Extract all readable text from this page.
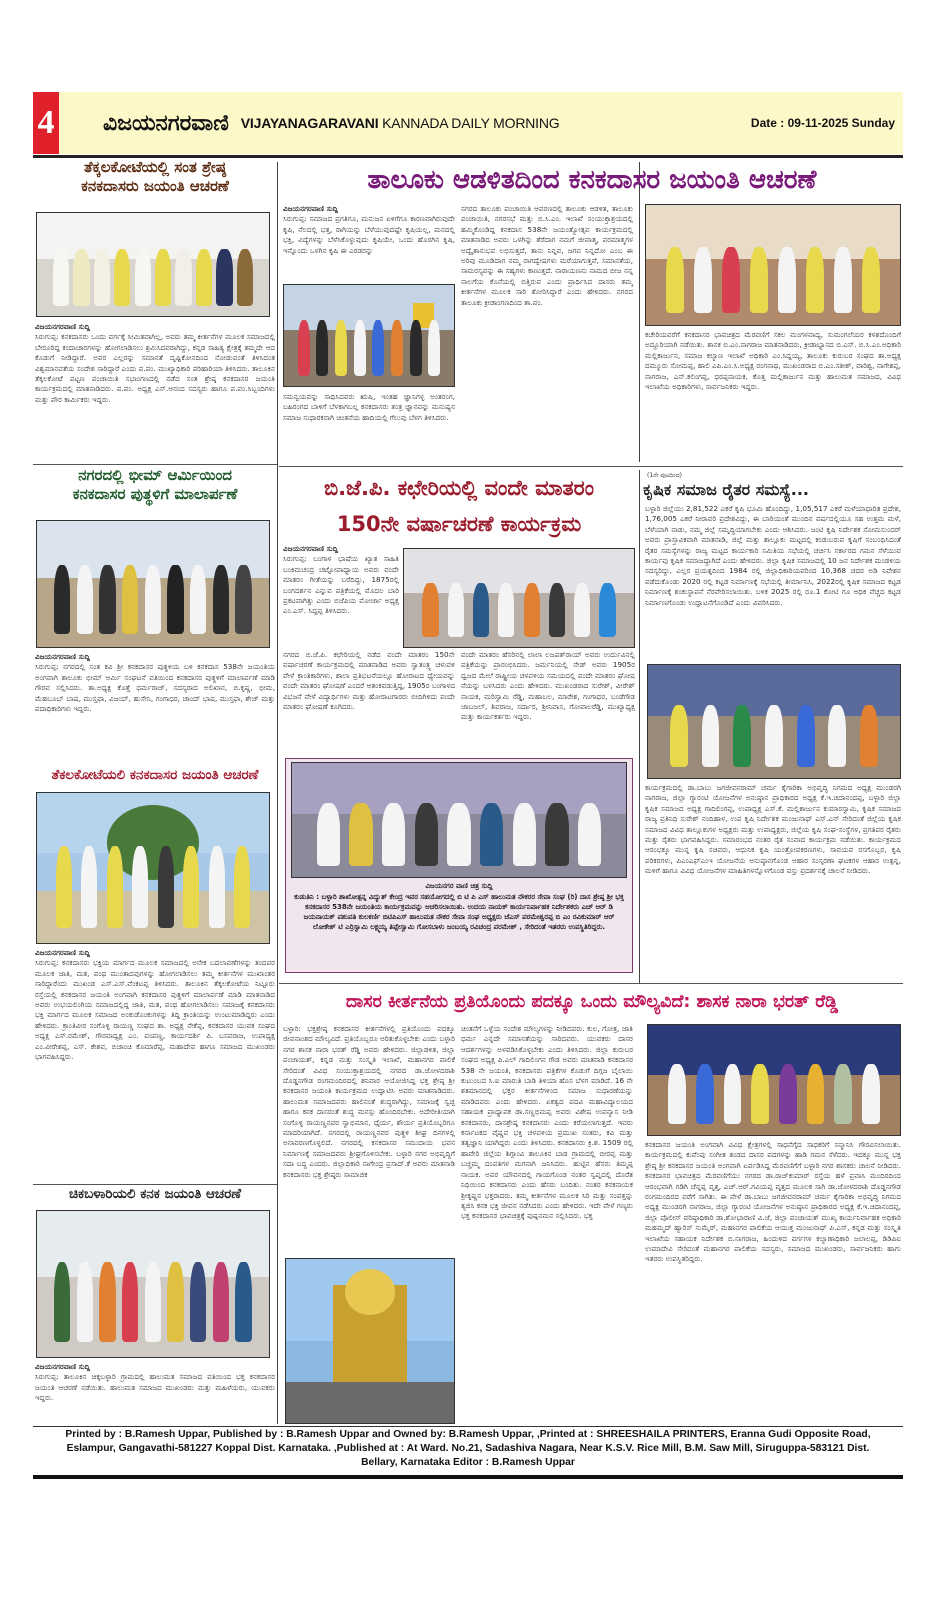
4 ವಿಜಯನಗರವಾಣಿ VIJAYANAGARAVANI KANNADA DAILY MORNING	Date : 09-11-2025 Sunday
ತೆಕ್ಕಲಕೋಟೆಯಲ್ಲಿ ಸಂತ ಶ್ರೇಷ್ಠ
ಕನಕದಾಸರು ಜಯಂತಿ ಆಚರಣೆ
ವಿಜಯನಗರವಾಣಿ ಸುದ್ದಿ
ಸಿರುಗುಪ್ಪ: ಕನಕದಾಸರು ಒಂದು ವರ್ಗಕ್ಕೆ ಸೀಮಿತವಾಗಿಲ್ಲ, ಅವರು ತಮ್ಮ ಕೀರ್ತನೆಗಳ ಮೂಲಕ ಸಮಾಜದಲ್ಲಿ ಬೇರೂರಿದ್ದ ಕಂದಾಚಾರಗಳನ್ನು ಹೋಗಲಾಡಿಸಲು ಶ್ರಮಿಸಿದವರಾಗಿದ್ದು, ಕನ್ನಡ ಸಾಹಿತ್ಯ ಕ್ಷೇತ್ರಕ್ಕೆ ತಮ್ಮದೇ ಆದ ಕೊಡುಗೆ ನೀಡಿದ್ದಾರೆ. ಅವರ ಎಲ್ಲರನ್ನು ಸಮಾನತೆ ದೃಷ್ಟಿಕೋನದಿಂದ ನೋಡುವಂತೆ ತಿಳಿಸಿದಂತ ವಿಶ್ವಮಾನವತೆಯ ಸಂದೇಶ ಸಾರಿದ್ದಾರೆ ಎಂದು ಪ.ಪಂ. ಮುಖ್ಯಾಧಿಕಾರಿ ಪರಿಹಾರಿಯಾ ತಿಳಿಸಿದರು. ತಾಲೂಕಿನ ತೆಕ್ಕಲಕೋಟೆ ಪಟ್ಟಣ ಪಂಚಾಯಿತಿ ಸಭಾಂಗಣದಲ್ಲಿ ನಡೆದ ಸಂತ ಶ್ರೇಷ್ಠ ಕನಕದಾಸರ ಜಯಂತಿ ಕಾರ್ಯಕ್ರಮದಲ್ಲಿ ಮಾತನಾಡಿದರು. ಪ.ಪಂ. ಅಧ್ಯಕ್ಷ ಎಸ್.ಆನಂದ ಸದಸ್ಯರು ಹಾಗೂ ಪ.ಪಂ.ಸಿಬ್ಬಂದಿಗಳು ಮತ್ತು ಪೌರ ಕಾರ್ಮಿಕರು ಇದ್ದರು.
ನಗರದಲ್ಲಿ ಭೀಮ್ ಆರ್ಮಿಯಿಂದ
ಕನಕದಾಸರ ಪುತ್ಥಳಿಗೆ ಮಾಲಾರ್ಪಣೆ
ವಿಜಯನಗರವಾಣಿ ಸುದ್ದಿ
ಸಿರುಗುಪ್ಪ: ನಗರದಲ್ಲಿ ಸಂತ ಕವಿ ಶ್ರೀ ಕನಕದಾಸರ ಪುತ್ಥಳಿಯ ಬಳಿ ಕನಕದಾಸ 538ನೇ ಜಯಂತಿಯ ಅಂಗವಾಗಿ ತಾಲೂಕು ಭೀಮ್ ಆರ್ಮಿ ಸಂಘಟನೆ ವತಿಯಿಂದ ಕನಕದಾಸರ ಪುತ್ಥಳಿಗೆ ಮಾಲಾರ್ಪಣೆ ಮಾಡಿ ಗೌರವ ಸಲ್ಲಿಸಿದರು. ತಾ.ಅಧ್ಯಕ್ಷ ಕೊತ್ತೆ ಧರ್ಮರಾಜ್, ಸದಸ್ಯರಾದ ಅಲಿಖಾನ, ಬಿ.ಕೃಷ್ಣ, ಭೀಮ, ಮೆಹಬೂಬ್ ಬಾಷ, ಮುಸ್ತಫಾ, ವಿಜಯ್, ಹುಸೇನಿ, ಗಂಗಾಧರ, ಚಾಂದ್ ಭಾಷ, ಮುಸ್ತಫಾ, ಶೇಜ್ ಮತ್ತು ಪದಾಧಿಕಾರಿಗಳು ಇದ್ದರು.
ತೆಕಲಕೋಟೆಯಲಿ ಕನಕದಾಸರ ಜಯಂತಿ ಆಚರಣೆ
ವಿಜಯನಗರವಾಣಿ ಸುದ್ದಿ
ಸಿರುಗುಪ್ಪ: ಕನಕದಾಸರು ಭಕ್ತಿಯ ಮಾರ್ಗದ ಮೂಲಕ ಸಮಾಜದಲ್ಲಿ ಅನೇಕ ಬದಲಾವಣೆಗಳನ್ನು ತಂದವರ ಮೂಲಕ ಜಾತಿ, ಮತ, ಪಂಥ ಮುಂತಾದವುಗಳನ್ನು ಹೋಗಲಾಡಿಸಲು ತಮ್ಮ ಕೀರ್ತನೆಗಳ ಮುಖಾಂತರ ಸಾರಿದ್ದಾರೆಂದು ಮುಖಂಡ ಎಸ್.ಎಸ್.ವೆಂಕಟಪ್ಪ ತಿಳಿಸಿದರು. ತಾಲೂಕಿನ ತೆಕ್ಕಲಕೋಟೆಯ ನಿಟ್ಟೂರು ರಸ್ತೆಯಲ್ಲಿ ಕನಕದಾಸರ ಜಯಂತಿ ಅಂಗವಾಗಿ ಕನಕದಾಸರ ಪುತ್ಥಳಿಗೆ ಮಾಲಾರ್ಪಣೆ ಮಾಡಿ ಮಾತನಾಡಿದ ಅವರು ಉಭಯಲಿಂಗಿಯ ಸಮಾಜದಲ್ಲಿದ್ದ ಜಾತಿ, ಮತ, ಪಂಥ ಹೋಗಲಾಡಿಸಲು ಸಮಾಜಕ್ಕೆ ಕನಕದಾಸರು ಭಕ್ತಿ ಮಾರ್ಗದ ಮೂಲಕ ಸಮಾಜದ ಅಂಕುಡೊಂಕುಗಳನ್ನು ತಿದ್ದಿ ಕ್ರಾಂತಿಯನ್ನು ಉಂಟುಮಾಡಿದ್ದರು ಎಂದು ಹೇಳಿದರು. ಕ್ರಾಂತಿವೀರ ಸಂಗೊಳ್ಳಿ ರಾಯಣ್ಣ ಸಂಘದ ತಾ. ಅಧ್ಯಕ್ಷ ನೇಕೆಪ್ಪ, ಕನಕದಾಸರ ಯುವಕ ಸಂಘದ ಅಧ್ಯಕ್ಷ ಎಸ್.ರಮೇಶ್, ಗೌರವಾಧ್ಯಕ್ಷ ಎಂ. ಪಂಪಣ್ಣ, ಕಾರ್ಯದರ್ಶಿ ಪಿ. ಬಸವರಾಜ, ಉಪಾಧ್ಯಕ್ಷ ಎಂ.ವೀರೇಶಪ್ಪ, ಎಸ್. ಕೇಶವ, ಬಿಜಾಂಚಿ ಕೊಮಾರೆಪ್ಪ, ಮಹಾದೇವ ಹಾಗೂ ಸಮಾಜದ ಮುಖಂಡರು ಭಾಗವಹಿಸಿದ್ದರು.
ಚಿಕಬಳಾರಿಯಲಿ ಕನಕ ಜಯಂತಿ ಆಚರಣೆ
ವಿಜಯನಗರವಾಣಿ ಸುದ್ದಿ
ಸಿರುಗುಪ್ಪ: ತಾಲೂಕಿನ ಚಿಕ್ಕಬಳ್ಳಾರಿ ಗ್ರಾಮದಲ್ಲಿ ಹಾಲುಮತ ಸಮಾಜದ ವತಿಯಿಂದ ಭಕ್ತ ಕನಕದಾಸರ ಜಯಂತಿ ಆಚರಣೆ ನಡೆಯಿತು. ಹಾಲುಮತ ಸಮಾಜದ ಮುಖಂಡರು ಮತ್ತು ಮಹಿಳೆಯರು, ಯುವಕರು ಇದ್ದರು.
ತಾಲೂಕು ಆಡಳಿತದಿಂದ ಕನಕದಾಸರ ಜಯಂತಿ ಆಚರಣೆ
ವಿಜಯನಗರವಾಣಿ ಸುದ್ದಿ
ಸಿರುಗುಪ್ಪ: ಸಮಾಜದ ಪ್ರಗತಿಗೂ, ಮನುಜನ ಏಳಿಗೆಗೂ ಕಾರಣವಾಗಿರುವುದೇ ಕೃಷಿ, ನೆಲದಲ್ಲಿ ಭತ್ತ, ರಾಗಿಯನ್ನು ಬೆಳೆಯುವುದಷ್ಟೇ ಕೃಷಿಯಲ್ಲ, ಮನದಲ್ಲಿ ಭಕ್ತಿ, ವಿದ್ಯೆಗಳನ್ನು ಬೆಳೆಸಿಕೊಳ್ಳುವುದು ಕೃಷಿಯೇ, ಒಂದು ಹೊರಗಿನ ಕೃಷಿ, ಇನ್ನೊಂದು ಒಳಗಿನ ಕೃಷಿ ಈ ಎರಡರನ್ನು
ಸಮನ್ವಯವನ್ನು ಸಾಧಿಸಿದವರು ಋಷಿ, ಇಂತಹ ಜ್ಞಾನಿಗಳ್ಳ ಅಂತರಂಗ, ಬಹಿರಂಗದ ಬಾಳಿಗೆ ಬೆಳಕಾಗಬಲ್ಲ ಕನಕದಾಸರು ತಂತ್ರ ಜ್ಞಾನವನ್ನು ಮನುಷ್ಯನ ಸಮಾಜ ಸುಧಾರಕನಾಗಿ ಚಿಂತನೆಯ ಹಾದಿಯಲ್ಲಿ ಗೆಲುವು ಬೆಳಗ ತಿಳಿಸಿದರು.
ನಗರದ ತಾಲೂಕು ಪಂಚಾಯಿತಿ ಆವರಣದಲ್ಲಿ ತಾಲೂಕು ಆಡಳಿತ, ತಾಲೂಕು ಪಂಚಾಯಿತಿ, ನಗರಸಭೆ ಮತ್ತು ಬಿ.ಸಿ.ಎಂ. ಇಲಾಖೆ ಸಂಯುಕ್ತಾಶ್ರಯದಲ್ಲಿ ಹಮ್ಮಿಕೊಂಡಿದ್ದ ಕನಕದಾಸ 538ನೇ ಜಯಂತ್ಯೋತ್ಸವ ಕಾರ್ಯಕ್ರಮದಲ್ಲಿ ಮಾತನಾಡಿದ ಅವರು ಒಳಗಿನ್ನು ತೆರೆದಾಗ ನಮಗೆ ಜೀವಾತ್ಮ, ಪರಮಾತ್ಮಗಳ ಅದ್ವೈತಾನುಭವ ಲಭಿಸುತ್ತದೆ, ತಾನು ನಿನ್ನವ, ಜಗವ ನಿನ್ನದೋ ಎಂಬ ಈ ಅರಿವು ಮೂಡಿದಾಗ ನಮ್ಮ ರಾಗದ್ವೇಷಗಳು ಮರೆಯಾಗುತ್ತವೆ, ಸಮಾನತೆಯ, ಸಾಮರಸ್ಯವನ್ನು ಈ ಸಹ್ಯಗಳು ಕಾಣುತ್ತದೆ. ನಾರಾಯಣನು ನಾಮದ ಬೀಜ ನನ್ನ ನಾಲಗೆಯ ಕೊನೆಯಲ್ಲಿ ಬಿತ್ತಿರುವ ಎಂದು ಪ್ರಾರ್ಥಿಸಿದ ದಾಸರು ತಮ್ಮ ಕೀರ್ತನೆಗಳ ಮೂಲಕ ಸಾರಿ ತೋರಿಸಿದ್ದಾರೆ ಎಂದು ಹೇಳಿದರು. ನಗರದ ತಾಲೂಕು ಕ್ರೀಡಾಂಗಣದಿಂದ ತಾ.ಪಂ.
ಕಚೇರಿಯವರೆಗೆ ಕನಕದಾಸರ ಭಾವಚಿತ್ರದ ಮೆರವಣಿಗೆ ಸಕಲ ಮಂಗಳವಾದ್ಯ, ಸುಮಂಗಲೆಯರ ಕಳಶದೊಂದಿಗೆ ಅದ್ದೂರಿಯಾಗಿ ನಡೆಯಿತು. ಶಾಸಕ ಬಿ.ಎಂ.ನಾಗರಾಜ ಮಾತನಾಡಿದರು, ಕ್ರೀಡಾಭ್ಯಾಸದ ಬಿ.ಎಸ್. ಬಿ.ಸಿ.ಎಂ.ಅಧಿಕಾರಿ ಮಲ್ಲಿಕಾರ್ಜುನ, ಸಮಾಜ ಕಲ್ಯಾಣ ಇಲಾಖೆ ಅಧಿಕಾರಿ ಎಂ.ಸಿದ್ದಯ್ಯ, ತಾಲೂಕು ಕುರುಬರ ಸಂಘದ ತಾ.ಅಧ್ಯಕ್ಷ ದಮ್ಮೂರು ಸೋಮಪ್ಪ, ಹಾಲಿ ಎಪಿ.ಎಂ.ಸಿ.ಅಧ್ಯಕ್ಷ ರಂಗನಾಥ, ಮುಖಂಡರಾದ ಬಿ.ಎಂ.ಸತೀಶ್, ವಾರಿಶ್ವ, ನಾಗೇಶಪ್ಪ, ನಾಗರಾಜ, ಎನ್.ಕಲಿಂಗಪ್ಪ, ಧರಪ್ಪನಾಯಕ, ಕೊತ್ತ ಮಲ್ಲಿಕಾರ್ಜುನ ಮತ್ತು ಹಾಲುಮತ ಸಮಾಜದ, ವಿವಿಧ ಇಲಾಖೆಯ ಅಧಿಕಾರಿಗಳು, ಸಾರ್ವಜನಿಕರು ಇದ್ದರು.
ಬಿ.ಜೆ.ಪಿ. ಕಛೇರಿಯಲ್ಲಿ ವಂದೇ ಮಾತರಂ
150ನೇ ವರ್ಷಾಚರಣೆ ಕಾರ್ಯಕ್ರಮ
ವಿಜಯನಗರವಾಣಿ ಸುದ್ದಿ
ಸಿರುಗುಪ್ಪ: ಬಂಗಾಳ ಭಾಷೆಯ ಖ್ಯಾತ ಸಾಹಿತಿ ಬಂಕಿಮಚಂದ್ರ ಚಟ್ಟೋಪಾಧ್ಯಾಯ ಅವರು ವಂದೇ ಮಾತರಂ ಗೀತೆಯನ್ನು ಬರೆದಿದ್ದು, 1875ರಲ್ಲಿ ಬಂಗದರ್ಶನ ಎನ್ನುವ ಪತ್ರಿಕೆಯಲ್ಲಿ ಮೊದಲ ಬಾರಿ ಪ್ರಕಟವಾಗಿತ್ತು ಎಂದು ಬಿಜೆಪಿಯ ಮೋರ್ಚಾ ಅಧ್ಯಕ್ಷ ಎಂ.ಎಸ್. ಸಿದ್ದಪ್ಪ ತಿಳಿಸಿದರು.
ನಗರದ ಬಿ.ಜೆ.ಪಿ. ಕಛೇರಿಯಲ್ಲಿ ನಡೆದ ವಂದೇ ಮಾತರಂ 150ನೇ ವರ್ಷಾಚರಣೆ ಕಾರ್ಯಕ್ರಮದಲ್ಲಿ ಮಾತನಾಡಿದ ಅವರು ಸ್ವಾತಂತ್ರ್ಯ ಚಳುವಳಿ ವೇಳೆ ಕ್ರಾಂತಿಕಾರಿಗಳು, ಶಾಲಾ ಪ್ರತಿಭಟನೆಯಲ್ಲೂ ಹೋರಾಟದ ಧ್ಯೇಯವನ್ನು ವಂದೇ ಮಾತರಂ ಘೋಷಣೆ ಎಂದರೆ ಆತಂಕಪಡುತ್ತಿದ್ದ, 1905ರ ಬಂಗಾಳದ ವಿಭಜನೆ ವೇಳೆ ವಿದ್ಯಾರ್ಥಿಗಳು ಮತ್ತು ಹೋರಾಟಗಾರರು ಬೀದಿಗಿಳಿದು ವಂದೇ ಮಾತರಂ ಘೋಷಣೆ ಕೂಗಿದರು.
ವಂದೇ ಮಾತರಂ ಹೆಸರಿನಲ್ಲಿ ಲಾಲಾ ಲಜಪತ್‌ರಾಯ್ ಅವರು ಉರ್ದುವಿನಲ್ಲಿ ಪತ್ರಿಕೆಯನ್ನು ಪ್ರಾರಂಭಿಸಿದರು. ಜರ್ಮನಿಯಲ್ಲಿ ಸೇಡ್ ಅವರು 1905ರ ಧ್ವಜದ ಮೇಲೆ ರಾಷ್ಟ್ರೀಯ ಚಳವಳಿಯ ಸಮಯದಲ್ಲಿ ವಂದೇ ಮಾತರಂ ಘೋಷ ನೆಯನ್ನು ಬಳಸಿದರು ಎಂದು ಹೇಳಿದರು. ಮುಖಂಡರಾದ ಸುರೇಶ್, ವೀರೇಶ್ ನಾಯಕ, ಮರಿಸ್ವಾಮಿ ರೆಡ್ಡಿ, ಮಹಾಬಲ, ಮಾರೇಶ, ಗಂಗಾಧರ, ಬಂಡೆಗೌಡ ಜಾಬಜಲ್, ಶಿವರಾಜ, ಸರ್ದಾರ, ಶ್ರೀನಿವಾಸ, ಗೋಪಾಲರೆಡ್ಡಿ, ಮುಖ್ಯಾಧ್ಯಕ್ಷ ಮತ್ತು ಕಾರ್ಯಕರ್ತರು ಇದ್ದರು.
ವಿಜಯನಗರ ವಾಣಿ ಚಿತ್ರ ಸುದ್ದಿ
ಕುಡುತಿನಿ : ಬಳ್ಳಾರಿ ಶಾಖೋತ್ಪನ್ನ ವಿದ್ಯುತ್ ಕೇಂದ್ರ ಇವರ ಸಹಯೋಗದಲ್ಲಿ ಬಿ ಟಿ ಪಿ ಎಸ್ ಹಾಲುಮತ ನೌಕರರ ಸೇವಾ ಸಂಘ (ರಿ) ದಾಸ ಶ್ರೇಷ್ಠ ಶ್ರೀ ಭಕ್ತ ಕನಕದಾಸರ 538ನೇ ಜಯಂತಿಯ ಕಾರ್ಯಕ್ರಮವನ್ನು ಆಚರಿಸಲಾಯಿತು. ಉದಯ ನಾಯಕ್ ಕಾರ್ಯನಿರ್ವಾಹಕ ನಿರ್ದೇಶಕರು ಎಚ್ ಆರ್ ಡಿ ಜಯನಾಯಕ್ ಪಶುಪತಿ ಕುಲಕರ್ಣಿ ಬಿಟಿಪಿಎಸ್ ಹಾಲುಮತ ನೌಕರ ಸೇವಾ ಸಂಘ ಅಧ್ಯಕ್ಷರು ಜೆಎಸ್ ಪರಮೇಶ್ವರಪ್ಪ ಬಿ ಎಂ ರವಿಕುಮಾರ್ ಆರ್ ಲೋಕೇಶ್ ಟಿ ಎರ್ರಿಸ್ವಾಮಿ ಲಕ್ಷ್ಮಯ್ಯ ತಿಪ್ಪೇಸ್ವಾಮಿ ಗೋಸಬಾಳು ಜಂಬಯ್ಯ ರವಿಚಂದ್ರ ಪರಮೇಶ್ , ಸೇರಿದಂತೆ ಇತರರು ಉಪಸ್ಥಿತಿರಿದ್ದರು.
(1ನೇ ಪುಟದಿಂದ)
ಕೃಷಿಕ ಸಮಾಜ ರೈತರ ಸಮಸ್ಯೆ...
ಬಳ್ಳಾರಿ ಜಿಲ್ಲೆಯು 2,81,522 ಎಕರೆ ಕೃಷಿ ಭೂಮಿ ಹೊಂದಿದ್ದು, 1,05,517 ಎಕರೆ ಮಳೆಯಾಧಾರಿತ ಪ್ರದೇಶ, 1,76,005 ಎಕರೆ ನೀರಾವರಿ ಪ್ರದೇಶವಿದ್ದು, ಈ ಬಾರಿಯಂತೆ ಮುಂದಿನ ವರ್ಷದಲ್ಲಿಯೂ ಸಹ ಉತ್ತಮ ಮಳೆ, ಬೆಳೆಯಾಗಿ ನಾಡು, ನಮ್ಮ ಜಿಲ್ಲೆ ಸಮೃದ್ಧಿಯಾಗಬೇಕು ಎಂದು ಆಶಿಸಿದರು. ಜಂಟಿ ಕೃಷಿ ನಿರ್ದೇಶಕ ಸೋಮಸುಂದರ್ ಅವರು ಪ್ರಾಸ್ತಾವಿಕವಾಗಿ ಮಾತನಾಡಿ, ಜಿಲ್ಲೆ ಮತ್ತು ತಾಲ್ಲೂಕು ಮಟ್ಟದಲ್ಲಿ ಕಂಡುಬರುವ ಕೃಷಿಗೆ ಸಂಬಂಧಿಸಿದಂತೆ ರೈತರ ಸಮಸ್ಯೆಗಳನ್ನು ರಾಜ್ಯ ಮಟ್ಟದ ಕಾರ್ಯಕಾರಿ ಸಮಿತಿಯ ಸಭೆಯಲ್ಲಿ ಚರ್ಚಿಸಿ ಸರ್ಕಾರದ ಗಮನ ಸೆಳೆಯುವ ಕಾರ್ಯವು ಕೃಷಿಕ ಸಮಾಜದ್ದಾಗಿದೆ ಎಂದು ಹೇಳಿದರು. ಜಿಲ್ಲಾ ಕೃಷಿಕ ಸಮಾಜದಲ್ಲಿ 10 ಜನ ನಿರ್ದೇಶಕ ಮಂಡಳಿಯ ಸದಸ್ಯರಿದ್ದು, ಎಲ್ಲರ ಪ್ರಯತ್ನದಿಂದ 1984 ರಲ್ಲಿ ಜಿಲ್ಲಾಧಿಕಾರಿಯವರಿಂದ 10,368 ಚದರ ಅಡಿ ನಿವೇಶನ ಪಡೆದುಕೊಂಡು 2020 ರಲ್ಲಿ ಕಟ್ಟಡ ನಿರ್ಮಾಣಕ್ಕೆ ಸಭೆಯಲ್ಲಿ ತೀರ್ಮಾನಿಸಿ, 2022ರಲ್ಲಿ ಕೃಷಿಕ ಸಮಾಜದ ಕಟ್ಟಡ ನಿರ್ಮಾಣಕ್ಕೆ ಶಂಕುಸ್ಥಾಪನೆ ನೆರವೇರಿಸಲಾಯಿತು. ಬಳಿಕ 2025 ರಲ್ಲಿ ರೂ.1 ಕೋಟಿ ಗೂ ಅಧಿಕ ವೆಚ್ಚದ ಕಟ್ಟಡ ನಿರ್ಮಾಣಗೊಂಡು ಉದ್ಘಾಟನೆಗೊಂಡಿದೆ ಎಂದು ವಿವರಿಸಿದರು.
ಕಾರ್ಯಕ್ರಮದಲ್ಲಿ ಡಾ.ಬಾಬು ಜಗಜೀವನರಾಮ್ ಚರ್ಮ ಕೈಗಾರಿಕಾ ಅಭಿವೃದ್ಧಿ ನಿಗಮದ ಅಧ್ಯಕ್ಷ ಮುಂಡರಗಿ ನಾಗರಾಜ, ಜಿಲ್ಲಾ ಗ್ಯಾರಂಟಿ ಯೋಜನೆಗಳ ಅನುಷ್ಠಾನ ಪ್ರಾಧಿಕಾರದ ಅಧ್ಯಕ್ಷ ಕೆ.ಇ.ಚಿದಾನಂದಪ್ಪ, ಬಳ್ಳಾರಿ ಜಿಲ್ಲಾ ಕೃಷಿಕ ಸಮಾಜದ ಅಧ್ಯಕ್ಷ ಗಾದಿಲಿಂಗಪ್ಪ, ಉಪಾಧ್ಯಕ್ಷ ಎಸ್.ಕೆ. ಮಲ್ಲಿಕಾರ್ಜುನ ಕುಮಾರಸ್ವಾಮಿ, ಕೃಷಿಕ ಸಮಾಜದ ರಾಜ್ಯ ಪ್ರತಿನಿಧಿ ಸುರೇಶ್ ನಂದಿಹಾಳ, ಉಪ ಕೃಷಿ ನಿರ್ದೇಶಕ ಮಂಜುನಾಥ್ ಎಸ್.ಎನ್ ಸೇರಿದಂತೆ ಜಿಲ್ಲೆಯ ಕೃಷಿಕ ಸಮಾಜದ ವಿವಿಧ ತಾಲ್ಲೂಕುಗಳ ಅಧ್ಯಕ್ಷರು ಮತ್ತು ಉಪಾಧ್ಯಕ್ಷರು, ಜಿಲ್ಲೆಯ ಕೃಷಿ ಸಂಘ-ಸಂಸ್ಥೆಗಳ, ಪ್ರಗತಿಪರ ರೈತರು ಮತ್ತು ರೈತರು ಭಾಗವಹಿಸಿದ್ದರು. ಸಮಾರಂಭದ ನಂತರ ರೈತ ಸಂವಾದ ಕಾರ್ಯಕ್ರಮ ನಡೆಯಿತು. ಕಾರ್ಯಕ್ರಮದ ಆರಂಭಕ್ಕೂ ಮುನ್ನ ಕೃಷಿ ಸಚಿವರು, ಆಧುನಿಕ ಕೃಷಿ ಯಂತ್ರೋಪಕರಣಗಳು, ಸಾವಯವ ರಸಗೊಬ್ಬರ, ಕೃಷಿ ಪರಿಕರಗಳು, ಪಿಎಂಎಫ್‌ಎಂಇ ಯೋಜನೆಯ ಅನುಷ್ಠಾನಗೊಂಡ ಆಹಾರ ಸಂಸ್ಕರಣಾ ಘಟಕಗಳ ಆಹಾರ ಉತ್ಪನ್ನ, ಮಳಿಗೆ ಹಾಗೂ ವಿವಿಧ ಯೋಜನೆಗಳ ಮಾಹಿತಿಗಳನ್ನೊಳಗೊಂಡ ವಸ್ತು ಪ್ರದರ್ಶನಕ್ಕೆ ಚಾಲನೆ ನೀಡಿದರು.
ದಾಸರ ಕೀರ್ತನೆಯ ಪ್ರತಿಯೊಂದು ಪದಕ್ಕೂ ಒಂದು ಮೌಲ್ಯವಿದೆ: ಶಾಸಕ ನಾರಾ ಭರತ್ ರೆಡ್ಡಿ
ಬಳ್ಳಾರಿ: ಭಕ್ತಶ್ರೇಷ್ಠ ಕನಕದಾಸರ ಕೀರ್ತನೆಗಳಲ್ಲಿ ಪ್ರತಿಯೊಂದು ಪದಕ್ಕೂ ಜೀವನಾಂಶದ ಮೌಲ್ಯವಿದೆ. ಪ್ರತಿಯೊಬ್ಬರೂ ಅರಿತುಕೊಳ್ಳಬೇಕು ಎಂದು ಬಳ್ಳಾರಿ ನಗರ ಶಾಸಕ ನಾರಾ ಭರತ್ ರೆಡ್ಡಿ ಅವರು ಹೇಳಿದರು. ಜಿಲ್ಲಾಡಳಿತ, ಜಿಲ್ಲಾ ಪಂಚಾಯತ್, ಕನ್ನಡ ಮತ್ತು ಸಂಸ್ಕೃತಿ ಇಲಾಖೆ, ಮಹಾನಗರ ಪಾಲಿಕೆ ಸೇರಿದಂತೆ ವಿವಿಧ ಸಂಯುಕ್ತಾಶ್ರಯದಲ್ಲಿ ನಗರದ ಡಾ.ಜೋಳದರಾಶಿ ದೊಡ್ಡನಗೌಡ ರಂಗಮಂದಿರದಲ್ಲಿ ಶನಿವಾರ ಆಯೋಜಿಸಿದ್ದ ಭಕ್ತ ಶ್ರೇಷ್ಠ ಶ್ರೀ ಕನಕದಾಸರ ಜಯಂತಿ ಕಾರ್ಯಕ್ರಮದ ಉದ್ಘಾಟಿಸಿ ಅವರು ಮಾತನಾಡಿದರು. ಹಾಲುಮತ ಸಮಾಜದವರು ಹಾಲಿನಂತೆ ಶುದ್ಧರಾಗಿದ್ದು, ಸಮಾಜಕ್ಕೆ ಸ್ವಚ್ಛ ಹಾಗೂ ಕನಕ ದಾಸರಂತೆ ಶುದ್ಧ ಮನಸ್ಸು ಹೊಂದಿರಬೇಕು. ಅದೇರೀತಿಯಾಗಿ ಸಂಗೊಳ್ಳಿ ರಾಯಣ್ಣನವರ ಸ್ವಾಭಿಮಾನ, ಧೈರ್ಯ, ಶೌರ್ಯ ಪ್ರತಿಯೊಬ್ಬರಿಗೂ ಮಾದರಿಯಾಗಿದೆ. ನಗರದಲ್ಲಿ ರಾಯಣ್ಣನವರ ಪುತ್ಥಳಿ ಶೀಘ್ರ ದಿನಗಳಲ್ಲಿ ಅನಾವರಣಗೊಳ್ಳಲಿದೆ. ನಗರದಲ್ಲಿ ಕನಕದಾಸರ ಸಮುದಾಯ ಭವನ ನಿರ್ಮಾಣಕ್ಕೆ ಸಮಾಜದವರು ಶ್ರೀಘ್ರಗೊಳಿಸಬೇಕು. ಬಳ್ಳಾರಿ ನಗರ ಅಭಿವೃದ್ಧಿಗೆ ಸದಾ ಬದ್ಧ ಎಂದರು. ಜಿಲ್ಲಾಧಿಕಾರಿ ನಾಗೇಂದ್ರ ಪ್ರಸಾದ್.ಕೆ ಅವರು ಮಾತನಾಡಿ ಕನಕದಾಸರು ಭಕ್ತ ಶ್ರೇಷ್ಠರು ಸಾಮಾಜಿಕ
ಚಿಂತನೆಗೆ ಒಳ್ಳೆಯ ಸಂದೇಶ ಮೌಲ್ಯಗಳನ್ನು ನೀಡಿದವರು. ಕುಲ, ಗೋತ್ರ, ಜಾತಿ ಧರ್ಮ ಎನ್ನದೇ ಸಮಾನತೆಯನ್ನು ಸಾರಿದವರು. ಯುವಕರು ದಾಸರ ಆದರ್ಶಗಳನ್ನು ಅಳವಡಿಸಿಕೊಳ್ಳಬೇಕು ಎಂದು ತಿಳಿಸಿದರು. ಜಿಲ್ಲಾ ಕುರುಬರ ಸಂಘದ ಅಧ್ಯಕ್ಷ ಪಿ.ಎಲ್ ಗಾದಿಲಿಂಗನ ಗೌಡ ಅವರು ಮಾತನಾಡಿ ಕನಕದಾಸರ 538 ನೇ ಜಯಂತಿ, ಕನಕದಾಸರು ಪತ್ರಿಕೆಗಳ ಕೊಡುಗೆ ದಿಗ್ಗಜ ಬೈಲಾಯಿ ಕುಟುಂಬದ ಸಿ.ಐ ಮಾರುತಿ ಬಾಡಿ ತಿಳಿಯಾ ಹೊಸ ಬೆಳಗ ಮಾಡಿದೆ. 16 ನೇ ಶತಮಾನದಲ್ಲಿ ಭಕ್ತರ ಕೀರ್ತನೆಗಳಿಂದ ಸಮಾಜ ಸುಧಾರಣೆಯನ್ನು ಮಾಡಿದವರು ಎಂದು ಹೇಳಿದರು. ಏಕತ್ವದ ಪದವಿ ಮಹಾವಿದ್ಯಾಲಯದ ಸಹಾಯಕ ಪ್ರಾಧ್ಯಾಪಕ ಡಾ.ಸಣ್ಣಭಿಮಪ್ಪ ಅವರು ವಿಶೇಷ ಉಪನ್ಯಾಸ ನೀಡಿ ಕನಕದಾಸರು, ದಾಸಶ್ರೇಷ್ಠ ಕನಕದಾಸರು ಎಂದು ಕರೆಯಲಾಗುತ್ತದೆ. ಇವರು ಕರ್ನಾಟಕದ ವೈಷ್ಣವ ಭಕ್ತಿ ಚಳವಳಿಯ ಪ್ರಮುಖ ಸಂತರು, ಕವಿ ಮತ್ತು ತತ್ವಜ್ಞಾನಿ ಯಾಗಿದ್ದರು ಎಂದು ತಿಳಿಸಿದರು. ಕನಕದಾಸರು ಕ್ರಿ.ಶ. 1509 ರಲ್ಲಿ ಹಾವೇರಿ ಜಿಲ್ಲೆಯ ಶಿಗ್ಗಾಂವಿ ತಾಲೂಕಿನ ಬಾಡ ಗ್ರಾಮದಲ್ಲಿ ಬೀರಪ್ಪ ಮತ್ತು ಬಚ್ಚಮ್ಮ ದಂಪತಿಗಳ ಮಗನಾಗಿ ಜನಿಸಿದರು. ಹುಟ್ಟಿನ ಹೆಸರು ತಿಮ್ಮಪ್ಪ ನಾಯಕ. ಅವರ ಯೌವನದಲ್ಲಿ ಗಾಯಗೊಂಡ ನಂತರ ಸ್ವಪ್ನದಲ್ಲಿ ದೊರೆತ ನಿಧಿಯಿಂದ ಕನಕದಾಸರು ಎಂದು ಹೆಸರು ಬಂದಿತು. ನಂತರ ಕನಕನಾಯಕ ಶ್ರೀಕೃಷ್ಣನ ಭಕ್ತರಾದರು. ತಮ್ಮ ಕೀರ್ತನೆಗಳ ಮೂಲಕ ಸಿರಿ ಮತ್ತು ಸಂಪತ್ತನ್ನು ತ್ಯಜಿಸಿ ಕನಕ ಭಕ್ತಿ ಜೀವನ ನಡೆಸಿದರು ಎಂದು ಹೇಳಿದರು. ಇದೇ ವೇಳೆ ಗಣ್ಯರು ಭಕ್ತ ಕನಕದಾಸರ ಭಾವಚಿತ್ರಕ್ಕೆ ಪುಷ್ಪನಮನ ಸಲ್ಲಿಸಿದರು. ಭಕ್ತ
ಕನಕದಾಸರ ಜಯಂತಿ ಅಂಗವಾಗಿ ವಿವಿಧ ಕ್ಷೇತ್ರಗಳಲ್ಲಿ ಸಾಧನೆಗೈದ ಸಾಧಕರಿಗೆ ಸನ್ಮಾನಿಸಿ ಗೌರವಿಸಲಾಯಿತು. ಕಾರ್ಯಕ್ರಮದಲ್ಲಿ ಕುವೆಂಪು ಸಂಗೀತ ತಂಡದ ದಾಸರ ಪದಗಳನ್ನು ಹಾಡಿ ಗಮನ ಸೆಳೆದರು. ಇದಕ್ಕೂ ಮುನ್ನ ಭಕ್ತ ಶ್ರೇಷ್ಠ ಶ್ರೀ ಕನಕದಾಸರ ಜಯಂತಿ ಅಂಗವಾಗಿ ಏರ್ಪಡಿಸಿದ್ದ ಮೆರವಣಿಗೆಗೆ ಬಳ್ಳಾರಿ ನಗರ ಶಾಸಕರು ಚಾಲನೆ ನೀಡಿದರು. ಕನಕದಾಸರ ಭಾವಚಿತ್ರದ ಮೆರವಣಿಗೆಯು ನಗರದ ಡಾ.ರಾಜ್‌ಕುಮಾರ್ ರಸ್ತೆಯ ಹಳೆ ಪ್ರವಾಸಿ ಮಂದಿರದಿಂದ ಆರಂಭವಾಗಿ ಗಡಿಗಿ ಚೆನ್ನಪ್ಪ ವೃತ್ತ, ಎಚ್.ಆರ್.ಗವಿಯಪ್ಪ ವೃತ್ತದ ಮೂಲಕ ಸಾಗಿ ಡಾ.ಜೋಳದರಾಶಿ ದೊಡ್ಡನಗೌಡ ರಂಗಮಂದಿರದ ವರೆಗೆ ಸಾಗಿತು. ಈ ವೇಳೆ ಡಾ.ಬಾಬು ಜಗಜೀವನರಾಮ್ ಚರ್ಮ ಕೈಗಾರಿಕಾ ಅಭಿವೃದ್ಧಿ ನಿಗಮದ ಅಧ್ಯಕ್ಷ ಮುಂಡರಗಿ ನಾಗರಾಜ, ಜಿಲ್ಲಾ ಗ್ಯಾರಂಟಿ ಯೋಜನೆಗಳ ಅನುಷ್ಠಾನ ಪ್ರಾಧಿಕಾರದ ಅಧ್ಯಕ್ಷ ಕೆ.ಇ.ಚಿದಾನಂದಪ್ಪ, ಜಿಲ್ಲಾ ಪೊಲೀಸ್ ವರಿಷ್ಠಾಧಿಕಾರಿ ಡಾ.ಶೋಭಾರಾಣಿ ವಿ.ಜೆ, ಜಿಲ್ಲಾ ಪಂಚಾಯತ್ ಮುಖ್ಯ ಕಾರ್ಯನಿರ್ವಾಹಕ ಅಧಿಕಾರಿ ಮಹಮ್ಮದ್ ಹ್ಯಾರಿಸ್ ಸುಮೈರ್, ಮಹಾನಗರ ಪಾಲಿಕೆಯ ಆಯುಕ್ತ ಮಂಜುನಾಥ್ ಪಿ.ಎಸ್, ಕನ್ನಡ ಮತ್ತು ಸಂಸ್ಕೃತಿ ಇಲಾಖೆಯ ಸಹಾಯಕ ನಿರ್ದೇಶಕ ಬಿ.ನಾಗರಾಜ, ಹಿಂದುಳಿದ ವರ್ಗಗಳ ಕಲ್ಯಾಣಾಧಿಕಾರಿ ಜಲಾಲಪ್ಪ, ಡಿಡಿಪಿಐ ಉಮಾದೇವಿ ಸೇರಿದಂತೆ ಮಹಾನಗರ ಪಾಲಿಕೆಯ ಸದಸ್ಯರು, ಸಮಾಜದ ಮುಖಂಡರು, ಸಾರ್ವಜನಿಕರು ಹಾಗು ಇತರರು ಉಪಸ್ಥಿತರಿದ್ದರು.
Printed by : B.Ramesh Uppar, Published by : B.Ramesh Uppar and Owned by: B.Ramesh Uppar, ,Printed at : SHREESHAILA PRINTERS, Eranna Gudi Opposite Road,
Eslampur, Gangavathi-581227 Koppal Dist. Karnataka. ,Published at : At Ward. No.21, Sadashiva Nagara, Near K.S.V. Rice Mill, B.M. Saw Mill, Siruguppa-583121 Dist.
Bellary, Karnataka Editor : B.Ramesh Uppar
